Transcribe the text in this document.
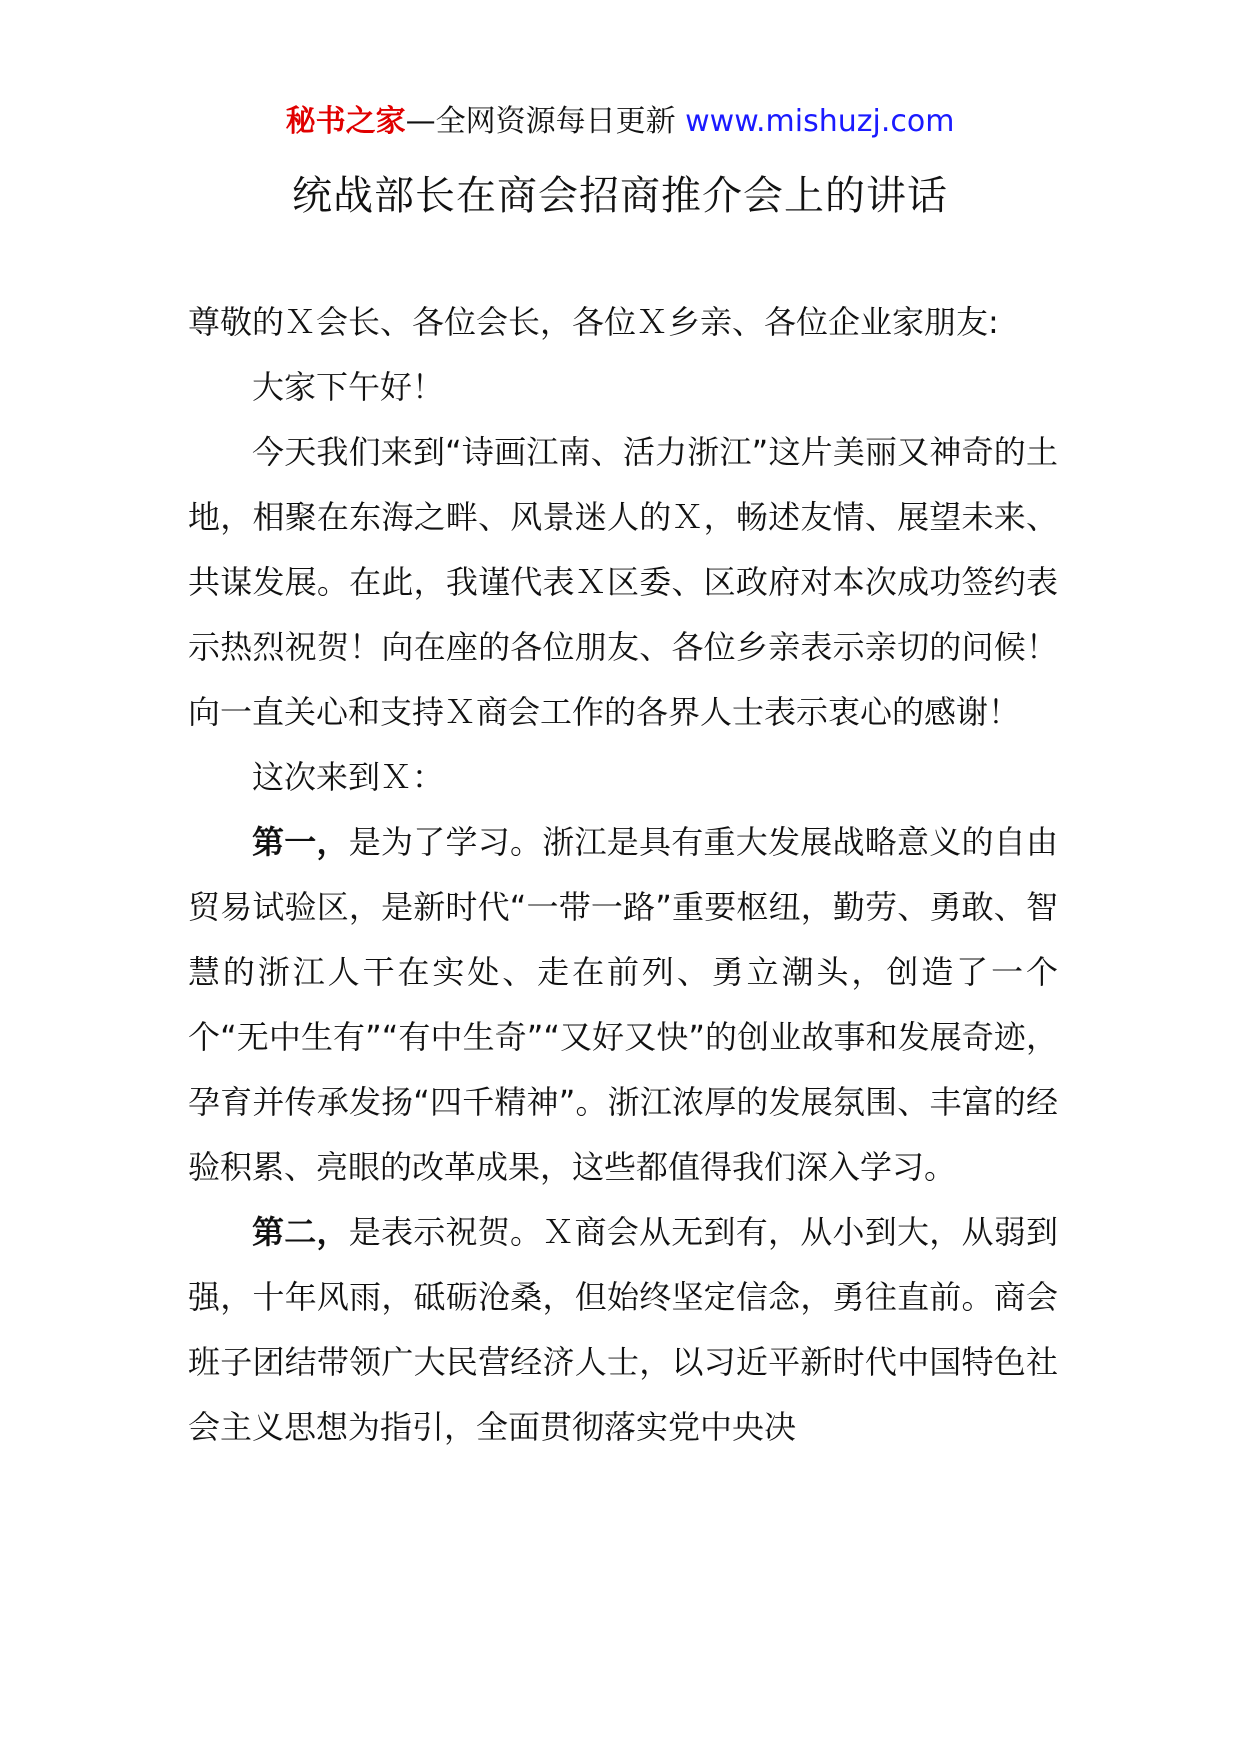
秘书之家—全网资源每日更新 www.mishuzj.com
统战部长在商会招商推介会上的讲话

尊敬的Ｘ会长、各位会长，各位Ｘ乡亲、各位企业家朋友:

大家下午好！

今天我们来到“诗画江南、活力浙江”这片美丽又神奇的土地，相聚在东海之畔、风景迷人的Ｘ，畅述友情、展望未来、共谋发展。在此，我谨代表Ｘ区委、区政府对本次成功签约表示热烈祝贺！向在座的各位朋友、各位乡亲表示亲切的问候！向一直关心和支持Ｘ商会工作的各界人士表示衷心的感谢！

这次来到Ｘ：

第一，是为了学习。浙江是具有重大发展战略意义的自由贸易试验区，是新时代“一带一路”重要枢纽，勤劳、勇敢、智慧的浙江人干在实处、走在前列、勇立潮头，创造了一个个“无中生有”“有中生奇”“又好又快”的创业故事和发展奇迹，孕育并传承发扬“四千精神”。浙江浓厚的发展氛围、丰富的经验积累、亮眼的改革成果，这些都值得我们深入学习。

第二，是表示祝贺。Ｘ商会从无到有，从小到大，从弱到强，十年风雨，砥砺沧桑，但始终坚定信念，勇往直前。商会班子团结带领广大民营经济人士，以习近平新时代中国特色社会主义思想为指引，全面贯彻落实党中央决
